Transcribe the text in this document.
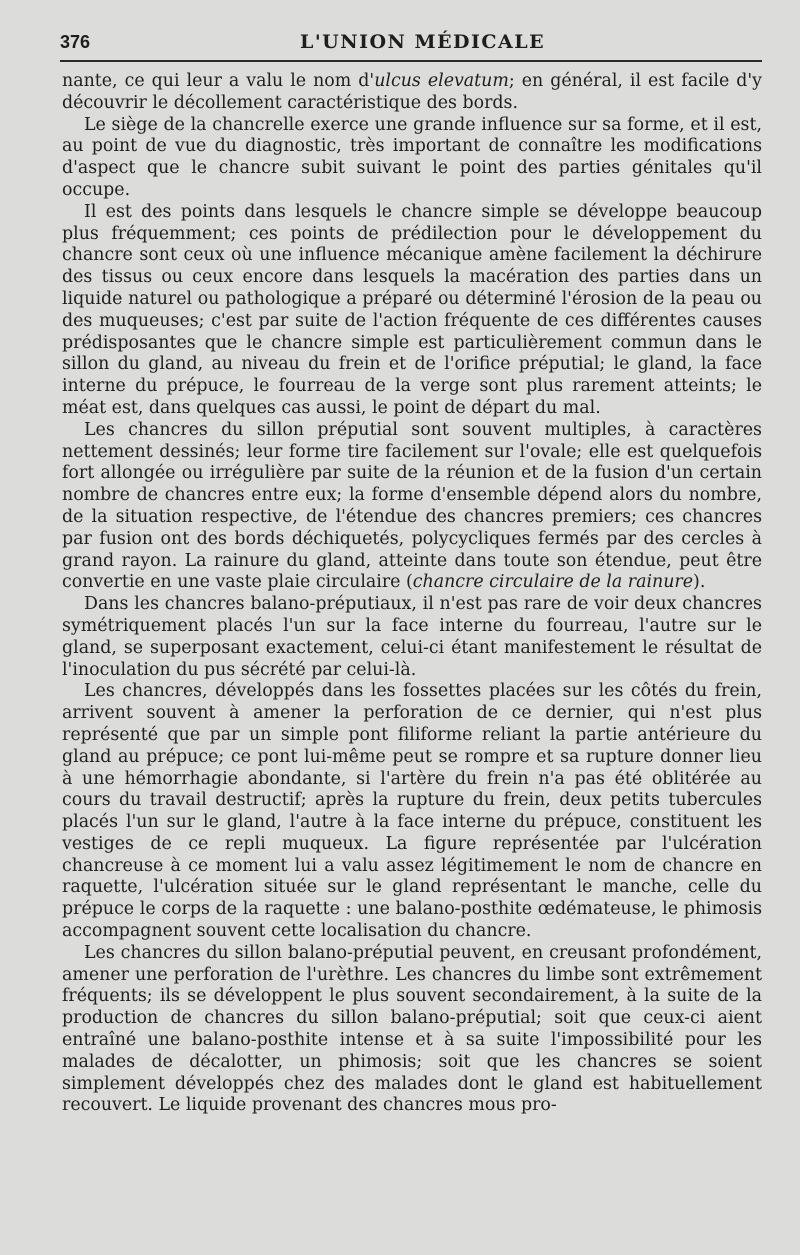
376	L'UNION MÉDICALE

nante, ce qui leur a valu le nom d'ulcus elevatum; en général, il est facile d'y découvrir le décollement caractéristique des bords.

Le siège de la chancrelle exerce une grande influence sur sa forme, et il est, au point de vue du diagnostic, très important de connaître les modifications d'aspect que le chancre subit suivant le point des parties génitales qu'il occupe.

Il est des points dans lesquels le chancre simple se développe beaucoup plus fréquemment; ces points de prédilection pour le développement du chancre sont ceux où une influence mécanique amène facilement la déchirure des tissus ou ceux encore dans lesquels la macération des parties dans un liquide naturel ou pathologique a préparé ou déterminé l'érosion de la peau ou des muqueuses; c'est par suite de l'action fréquente de ces différentes causes prédisposantes que le chancre simple est particulièrement commun dans le sillon du gland, au niveau du frein et de l'orifice préputial; le gland, la face interne du prépuce, le fourreau de la verge sont plus rarement atteints; le méat est, dans quelques cas aussi, le point de départ du mal.

Les chancres du sillon préputial sont souvent multiples, à caractères nettement dessinés; leur forme tire facilement sur l'ovale; elle est quelquefois fort allongée ou irrégulière par suite de la réunion et de la fusion d'un certain nombre de chancres entre eux; la forme d'ensemble dépend alors du nombre, de la situation respective, de l'étendue des chancres premiers; ces chancres par fusion ont des bords déchiquetés, polycycliques fermés par des cercles à grand rayon. La rainure du gland, atteinte dans toute son étendue, peut être convertie en une vaste plaie circulaire (chancre circulaire de la rainure).

Dans les chancres balano-préputiaux, il n'est pas rare de voir deux chancres symétriquement placés l'un sur la face interne du fourreau, l'autre sur le gland, se superposant exactement, celui-ci étant manifestement le résultat de l'inoculation du pus sécrété par celui-là.

Les chancres, développés dans les fossettes placées sur les côtés du frein, arrivent souvent à amener la perforation de ce dernier, qui n'est plus représenté que par un simple pont filiforme reliant la partie antérieure du gland au prépuce; ce pont lui-même peut se rompre et sa rupture donner lieu à une hémorrhagie abondante, si l'artère du frein n'a pas été oblitérée au cours du travail destructif; après la rupture du frein, deux petits tubercules placés l'un sur le gland, l'autre à la face interne du prépuce, constituent les vestiges de ce repli muqueux. La figure représentée par l'ulcération chancreuse à ce moment lui a valu assez légitimement le nom de chancre en raquette, l'ulcération située sur le gland représentant le manche, celle du prépuce le corps de la raquette : une balano-posthite œdémateuse, le phimosis accompagnent souvent cette localisation du chancre.

Les chancres du sillon balano-préputial peuvent, en creusant profondément, amener une perforation de l'urèthre. Les chancres du limbe sont extrêmement fréquents; ils se développent le plus souvent secondairement, à la suite de la production de chancres du sillon balano-préputial; soit que ceux-ci aient entraîné une balano-posthite intense et à sa suite l'impossibilité pour les malades de décalotter, un phimosis; soit que les chancres se soient simplement développés chez des malades dont le gland est habituellement recouvert. Le liquide provenant des chancres mous pro-
